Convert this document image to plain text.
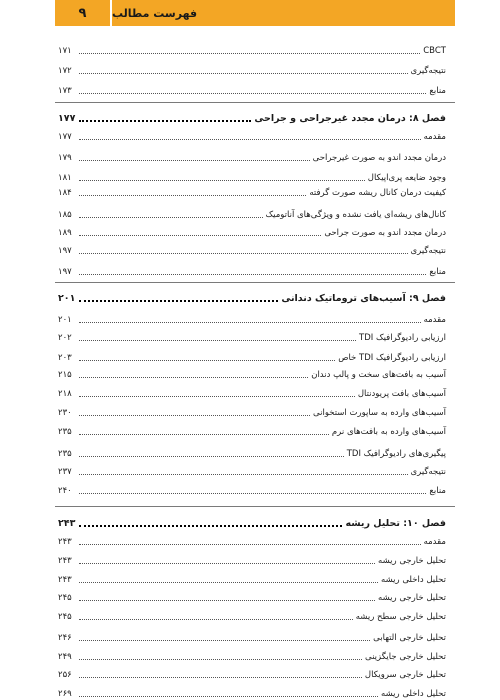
۹	فهرست مطالب
CBCT
۱۷۱
نتیجه‌گیری
۱۷۲
منابع
۱۷۳
فصل ۸: درمان مجدد غیرجراحی و جراحی
۱۷۷
مقدمه
۱۷۷
درمان مجدد اندو به صورت غیرجراحی
۱۷۹
وجود ضایعه پری‌اپیکال
۱۸۱
کیفیت درمان کانال ریشه صورت گرفته
۱۸۴
کانال‌های ریشه‌ای یافت نشده و ویژگی‌های آناتومیک
۱۸۵
درمان مجدد اندو به صورت جراحی
۱۸۹
نتیجه‌گیری
۱۹۷
منابع
۱۹۷
فصل ۹: آسیب‌های تروماتیک دندانی
۲۰۱
مقدمه
۲۰۱
ارزیابی رادیوگرافیک TDI
۲۰۲
ارزیابی رادیوگرافیک TDI خاص
۲۰۳
آسیب به بافت‌های سخت و پالپ دندان
۲۱۵
آسیب‌های بافت پریودنتال
۲۱۸
آسیب‌های وارده به ساپورت استخوانی
۲۳۰
آسیب‌های وارده به بافت‌های نرم
۲۳۵
پیگیری‌های رادیوگرافیک TDI
۲۳۵
نتیجه‌گیری
۲۳۷
منابع
۲۴۰
فصل ۱۰: تحلیل ریشه
۲۴۳
مقدمه
۲۴۳
تحلیل خارجی ریشه
۲۴۳
تحلیل داخلی ریشه
۲۴۳
تحلیل خارجی ریشه
۲۴۵
تحلیل خارجی سطح ریشه
۲۴۵
تحلیل خارجی التهابی
۲۴۶
تحلیل خارجی جایگزینی
۲۴۹
تحلیل خارجی سرویکال
۲۵۶
تحلیل داخلی ریشه
۲۶۹
